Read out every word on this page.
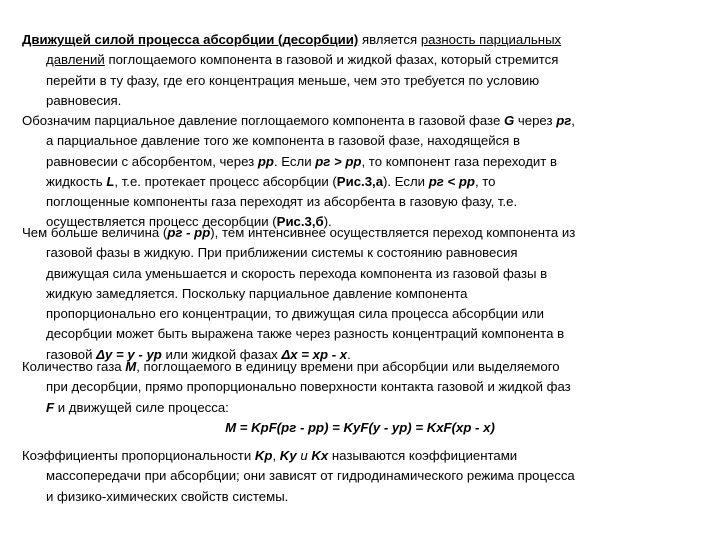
Движущей силой процесса абсорбции (десорбции) является разность парциальных
давлений поглощаемого компонента в газовой и жидкой фазах, который стремится
перейти в ту фазу, где его концентрация меньше, чем это требуется по условию
равновесия.
Обозначим парциальное давление поглощаемого компонента в газовой фазе G через pг,
а парциальное давление того же компонента в газовой фазе, находящейся в
равновесии с абсорбентом, через pр. Если pг > pр, то компонент газа переходит в
жидкость L, т.е. протекает процесс абсорбции (Рис.3,а). Если pг < pр, то
поглощенные компоненты газа переходят из абсорбента в газовую фазу, т.е.
осуществляется процесс десорбции (Рис.3,б).
Чем больше величина (pг - pр), тем интенсивнее осуществляется переход компонента из
газовой фазы в жидкую. При приближении системы к состоянию равновесия
движущая сила уменьшается и скорость перехода компонента из газовой фазы в
жидкую замедляется. Поскольку парциальное давление компонента
пропорционально его концентрации, то движущая сила процесса абсорбции или
десорбции может быть выражена также через разность концентраций компонента в
газовой Δy = y - yр или жидкой фазах Δx = xр - x.
Количество газа M, поглощаемого в единицу времени при абсорбции или выделяемого
при десорбции, прямо пропорционально поверхности контакта газовой и жидкой фаз
F и движущей силе процесса:
M = KрF(pг - pр) = KyF(y - yр) = KxF(xр - x)
Коэффициенты пропорциональности Kр, Ky и Kx называются коэффициентами
массопередачи при абсорбции; они зависят от гидродинамического режима процесса
и физико-химических свойств системы.
